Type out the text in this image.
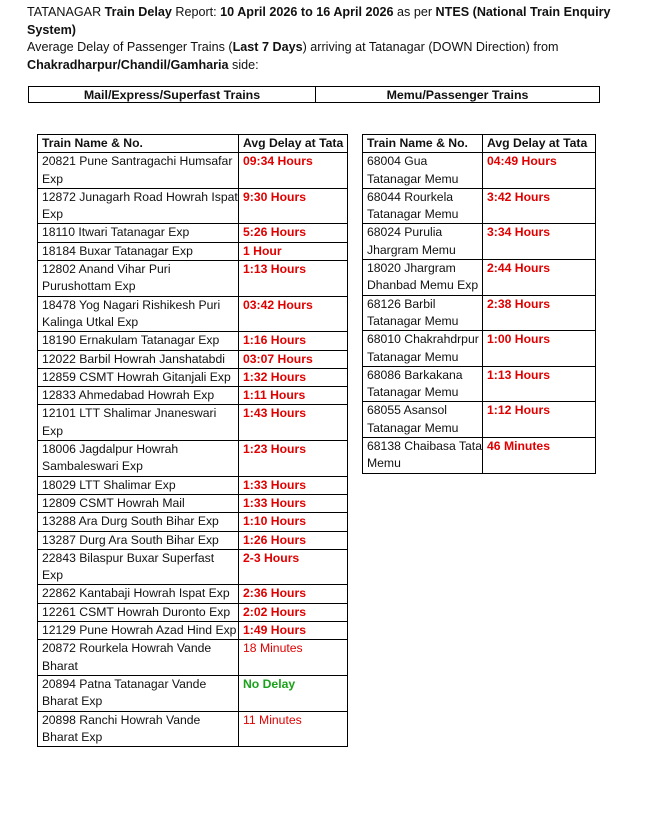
TATANAGAR Train Delay Report: 10 April 2026 to 16 April 2026 as per NTES (National Train Enquiry System)
Average Delay of Passenger Trains (Last 7 Days) arriving at Tatanagar (DOWN Direction) from
Chakradharpur/Chandil/Gamharia side:
Mail/Express/Superfast Trains	Memu/Passenger Trains
Train Name & No.	Avg Delay at Tata
20821 Pune Santragachi Humsafar Exp	09:34 Hours
12872 Junagarh Road Howrah Ispat Exp	9:30 Hours
18110 Itwari Tatanagar Exp	5:26 Hours
18184 Buxar Tatanagar Exp	1 Hour
12802 Anand Vihar Puri Purushottam Exp	1:13 Hours
18478 Yog Nagari Rishikesh Puri Kalinga Utkal Exp	03:42 Hours
18190 Ernakulam Tatanagar Exp	1:16 Hours
12022 Barbil Howrah Janshatabdi	03:07 Hours
12859 CSMT Howrah Gitanjali Exp	1:32 Hours
12833 Ahmedabad Howrah Exp	1:11 Hours
12101 LTT Shalimar Jnaneswari Exp	1:43 Hours
18006 Jagdalpur Howrah Sambaleswari Exp	1:23 Hours
18029 LTT Shalimar Exp	1:33 Hours
12809 CSMT Howrah Mail	1:33 Hours
13288 Ara Durg South Bihar Exp	1:10 Hours
13287 Durg Ara South Bihar Exp	1:26 Hours
22843 Bilaspur Buxar Superfast Exp	2-3 Hours
22862 Kantabaji Howrah Ispat Exp	2:36 Hours
12261 CSMT Howrah Duronto Exp	2:02 Hours
12129 Pune Howrah Azad Hind Exp	1:49 Hours
20872 Rourkela Howrah Vande Bharat	18 Minutes
20894 Patna Tatanagar Vande Bharat Exp	No Delay
20898 Ranchi Howrah Vande Bharat Exp	11 Minutes
Train Name & No.	Avg Delay at Tata
68004 Gua Tatanagar Memu	04:49 Hours
68044 Rourkela Tatanagar Memu	3:42 Hours
68024 Purulia Jhargram Memu	3:34 Hours
18020 Jhargram Dhanbad Memu Exp	2:44 Hours
68126 Barbil Tatanagar Memu	2:38 Hours
68010 Chakrahdrpur Tatanagar Memu	1:00 Hours
68086 Barkakana Tatanagar Memu	1:13 Hours
68055 Asansol Tatanagar Memu	1:12 Hours
68138 Chaibasa Tata Memu	46 Minutes
